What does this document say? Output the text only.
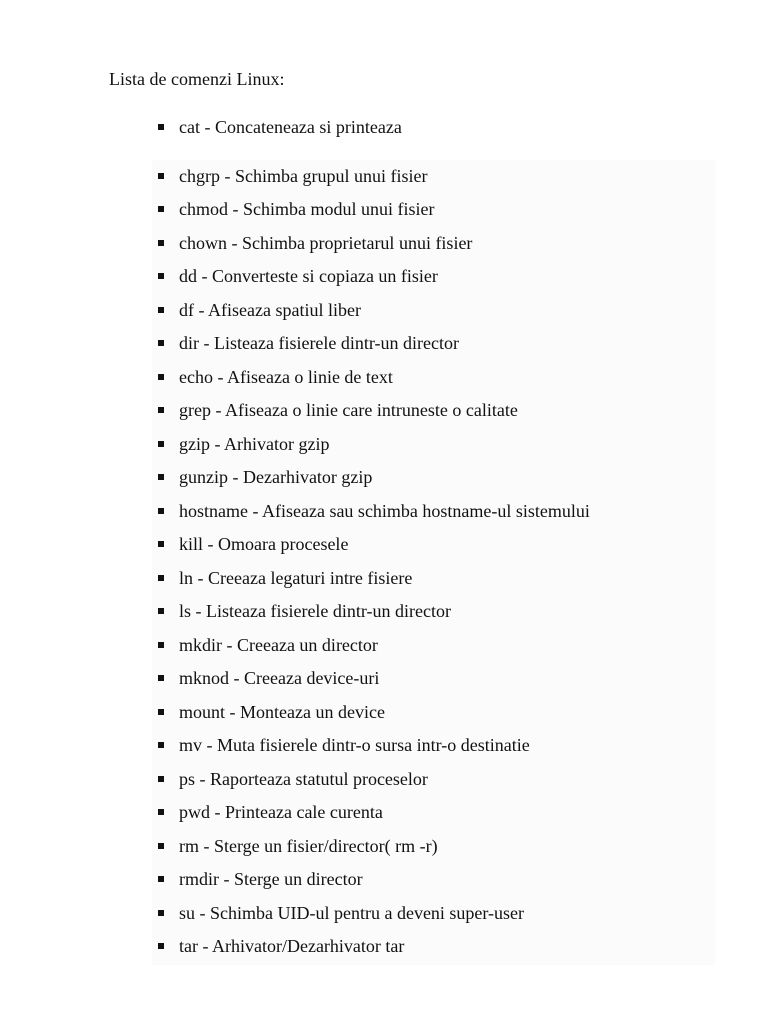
Lista de comenzi Linux:
cat - Concateneaza si printeaza
chgrp - Schimba grupul unui fisier
chmod - Schimba modul unui fisier
chown - Schimba proprietarul unui fisier
dd - Converteste si copiaza un fisier
df - Afiseaza spatiul liber
dir - Listeaza fisierele dintr-un director
echo - Afiseaza o linie de text
grep - Afiseaza o linie care intruneste o calitate
gzip - Arhivator gzip
gunzip - Dezarhivator gzip
hostname - Afiseaza sau schimba hostname-ul sistemului
kill - Omoara procesele
ln - Creeaza legaturi intre fisiere
ls - Listeaza fisierele dintr-un director
mkdir - Creeaza un director
mknod - Creeaza device-uri
mount - Monteaza un device
mv - Muta fisierele dintr-o sursa intr-o destinatie
ps - Raporteaza statutul proceselor
pwd - Printeaza cale curenta
rm - Sterge un fisier/director( rm -r)
rmdir - Sterge un director
su - Schimba UID-ul pentru a deveni super-user
tar - Arhivator/Dezarhivator tar
